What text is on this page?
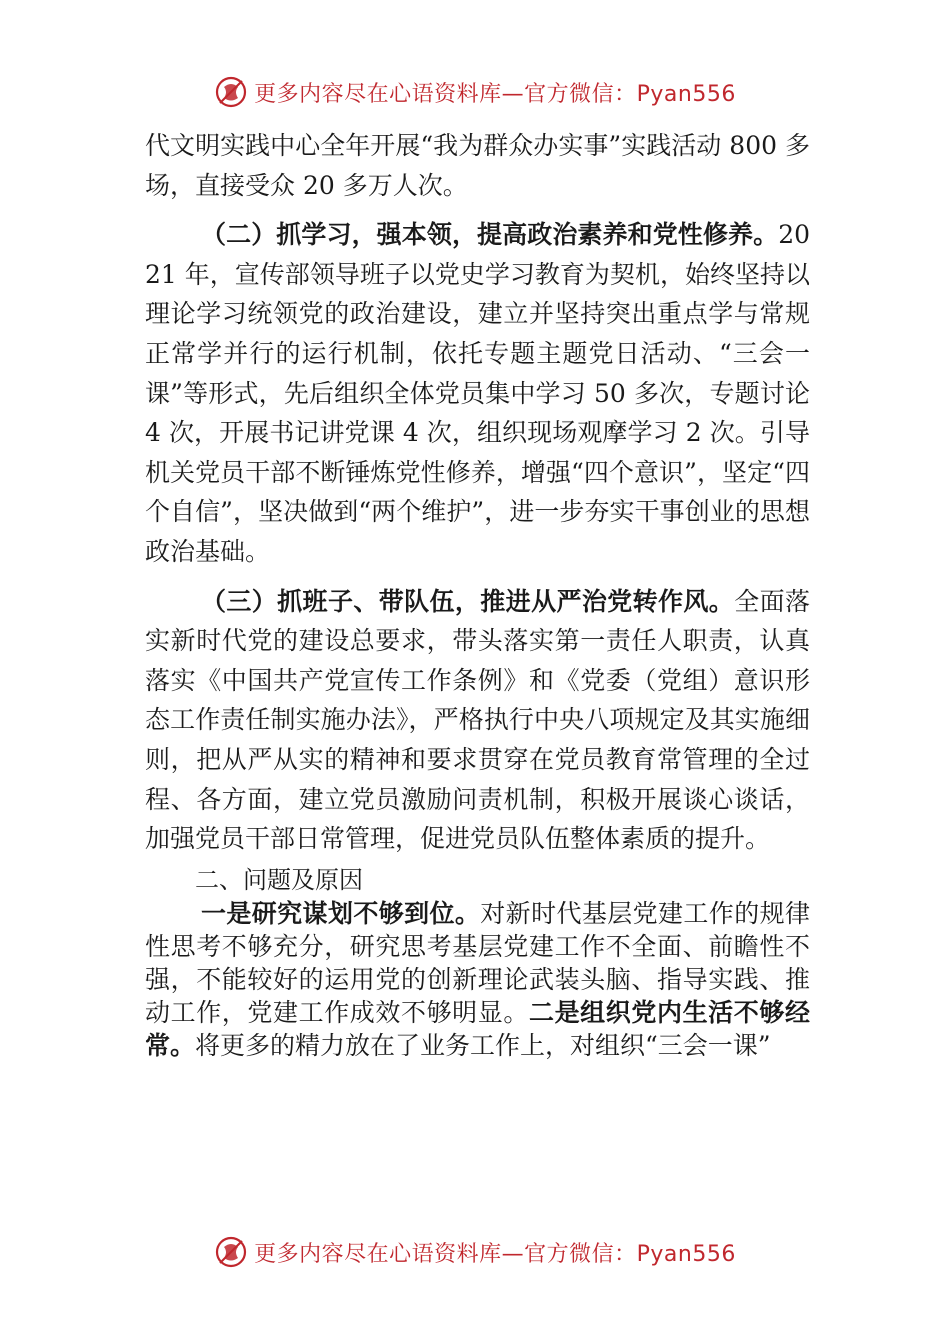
更多内容尽在心语资料库—官方微信：Pyan556

代文明实践中心全年开展“我为群众办实事”实践活动 800 多场，直接受众 20 多万人次。

（二）抓学习，强本领，提高政治素养和党性修养。2021 年，宣传部领导班子以党史学习教育为契机，始终坚持以理论学习统领党的政治建设，建立并坚持突出重点学与常规正常学并行的运行机制，依托专题主题党日活动、“三会一课”等形式，先后组织全体党员集中学习 50 多次，专题讨论 4 次，开展书记讲党课 4 次，组织现场观摩学习 2 次。引导机关党员干部不断锤炼党性修养，增强“四个意识”，坚定“四个自信”，坚决做到“两个维护”，进一步夯实干事创业的思想政治基础。

（三）抓班子、带队伍，推进从严治党转作风。全面落实新时代党的建设总要求，带头落实第一责任人职责，认真落实《中国共产党宣传工作条例》和《党委（党组）意识形态工作责任制实施办法》，严格执行中央八项规定及其实施细则，把从严从实的精神和要求贯穿在党员教育常管理的全过程、各方面，建立党员激励问责机制，积极开展谈心谈话，加强党员干部日常管理，促进党员队伍整体素质的提升。

二、问题及原因

一是研究谋划不够到位。对新时代基层党建工作的规律性思考不够充分，研究思考基层党建工作不全面、前瞻性不强，不能较好的运用党的创新理论武装头脑、指导实践、推动工作，党建工作成效不够明显。二是组织党内生活不够经常。将更多的精力放在了业务工作上，对组织“三会一课”

更多内容尽在心语资料库—官方微信：Pyan556
